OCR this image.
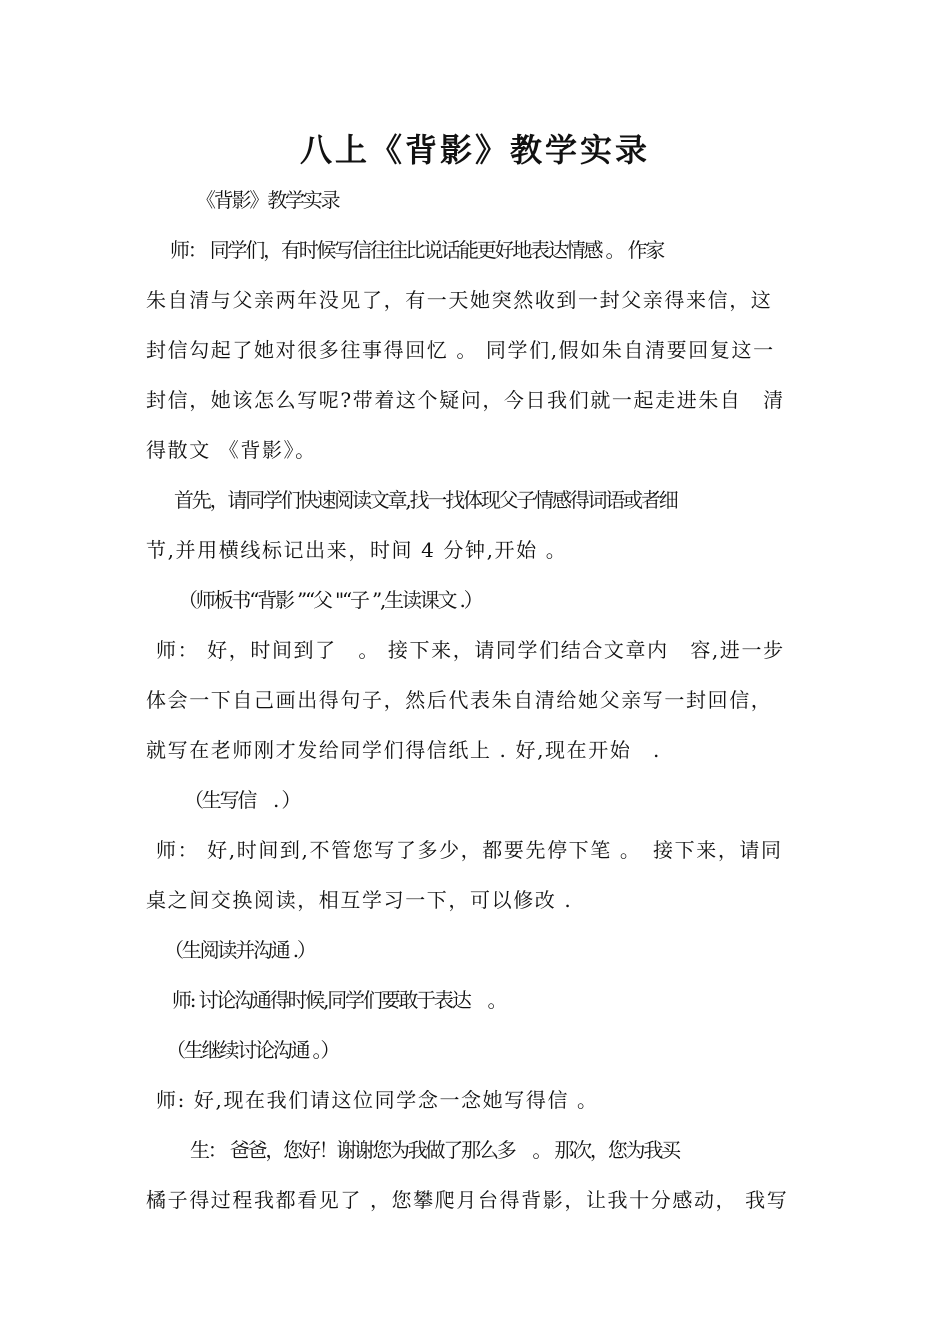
八上《背影》教学实录
《背影》教学实录
师： 同学们，有时候写信往往比说话能更好地表达情感 。 作家
朱自清与父亲两年没见了，有一天她突然收到一封父亲得来信，这
封信勾起了她对很多往事得回忆 。 同学们,假如朱自清要回复这一
封信，她该怎么写呢?带着这个疑问，今日我们就一起走进朱自　清
得散文 《背影》。
首先，请同学们快速阅读文章,找一找体现父子情感得词语或者细
节,并用横线标记出来，时间 4 分钟,开始 。
（师板书“背影 ”“父 "“子 ”,生读课文 .）
师： 好，时间到了　。 接下来，请同学们结合文章内　容,进一步
体会一下自己画出得句子，然后代表朱自清给她父亲写一封回信，
就写在老师刚才发给同学们得信纸上 . 好,现在开始　.
（生写信　. ）
师： 好,时间到,不管您写了多少，都要先停下笔 。　接下来，请同
桌之间交换阅读，相互学习一下，可以修改 .
（生阅读并沟通 .）
师: 讨论沟通得时候,同学们要敢于表达　。
（生继续讨论沟通 。）
师: 好,现在我们请这位同学念一念她写得信 。
生： 爸爸，您好！谢谢您为我做了那么多　。 那次，您为我买
橘子得过程我都看见了 ，您攀爬月台得背影，让我十分感动， 我写
